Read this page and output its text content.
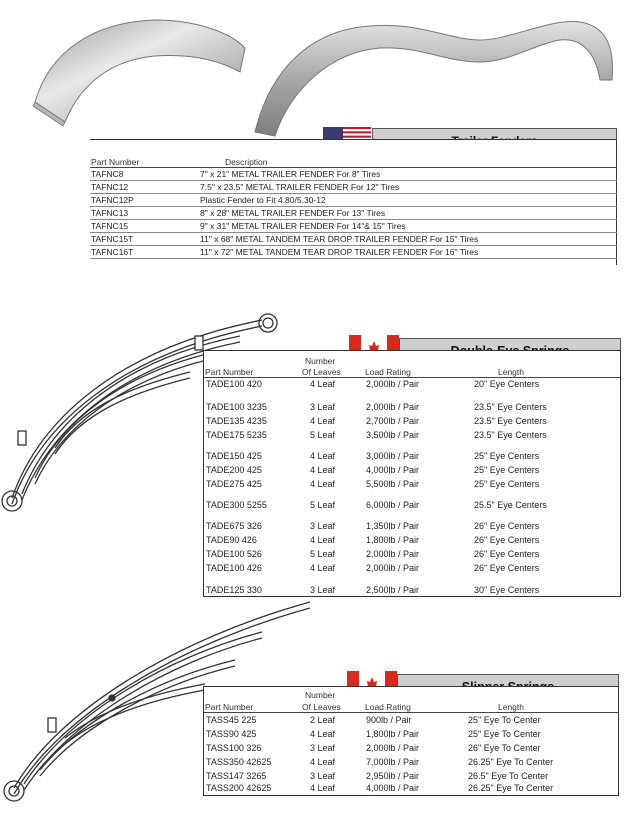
Part Number	Description
TAFNC8	7" x 21" METAL TRAILER FENDER For 8" Tires
TAFNC12	7.5" x 23.5" METAL TRAILER FENDER For 12" Tires
TAFNC12P	Plastic Fender to Fit 4.80/5.30-12
TAFNC13	8" x 28" METAL TRAILER FENDER For 13" Tires
TAFNC15	9" x 31" METAL TRAILER FENDER For 14"& 15" Tires
TAFNC15T	11" x 68" METAL TANDEM TEAR DROP TRAILER FENDER For 15" Tires
TAFNC16T	11" x 72" METAL TANDEM TEAR DROP TRAILER FENDER For 16" Tires
Number
Part Number	Of Leaves	Load Rating	Length
TADE100 420	4 Leaf	2,000lb / Pair	20" Eye Centers
TADE100 3235	3 Leaf	2,000lb / Pair	23.5" Eye Centers
TADE135 4235	4 Leaf	2,700lb / Pair	23.5" Eye Centers
TADE175 5235	5 Leaf	3,500lb / Pair	23.5" Eye Centers
TADE150 425	4 Leaf	3,000lb / Pair	25" Eye Centers
TADE200 425	4 Leaf	4,000lb / Pair	25" Eye Centers
TADE275 425	4 Leaf	5,500lb / Pair	25" Eye Centers
TADE300 5255	5 Leaf	6,000lb / Pair	25.5" Eye Centers
TADE675 326	3 Leaf	1,350lb / Pair	26" Eye Centers
TADE90 426	4 Leaf	1,800lb / Pair	26" Eye Centers
TADE100 526	5 Leaf	2,000lb / Pair	26" Eye Centers
TADE100 426	4 Leaf	2,000lb / Pair	26" Eye Centers
TADE125 330	3 Leaf	2,500lb / Pair	30" Eye Centers
Number
Part Number	Of Leaves	Load Rating	Length
TASS45 225	2 Leaf	900lb / Pair	25" Eye To Center
TASS90 425	4 Leaf	1,800lb / Pair	25" Eye To Center
TASS100 326	3 Leaf	2,000lb / Pair	26" Eye To Center
TASS350 42625	4 Leaf	7,000lb / Pair	26.25" Eye To Center
TASS147 3265	3 Leaf	2,950lb / Pair	26.5" Eye To Center
TASS200 42625	4 Leaf	4,000lb / Pair	26.25" Eye To Center
